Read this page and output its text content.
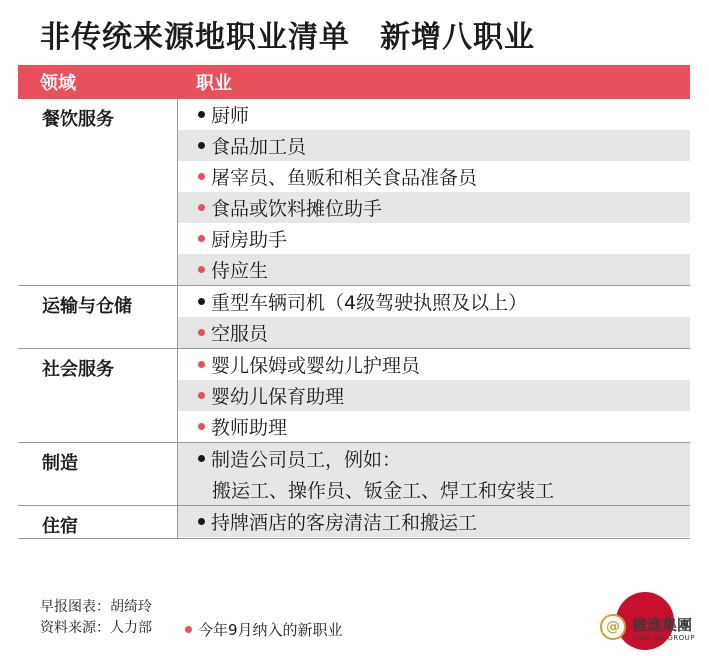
非传统来源地职业清单 新增八职业
领域	职业
餐饮服务	厨师
食品加工员
屠宰员、鱼贩和相关食品准备员
食品或饮料摊位助手
厨房助手
侍应生
运输与仓储	重型车辆司机（4级驾驶执照及以上）
空服员
社会服务	婴儿保姆或婴幼儿护理员
婴幼儿保育助理
教师助理
制造	制造公司员工，例如：
搬运工、操作员、钣金工、焊工和安装工
住宿	持牌酒店的客房清洁工和搬运工
早报图表：胡绮玲
资料来源：人力部	今年9月纳入的新职业	@ 楹進集團
YING JIN GROUP
